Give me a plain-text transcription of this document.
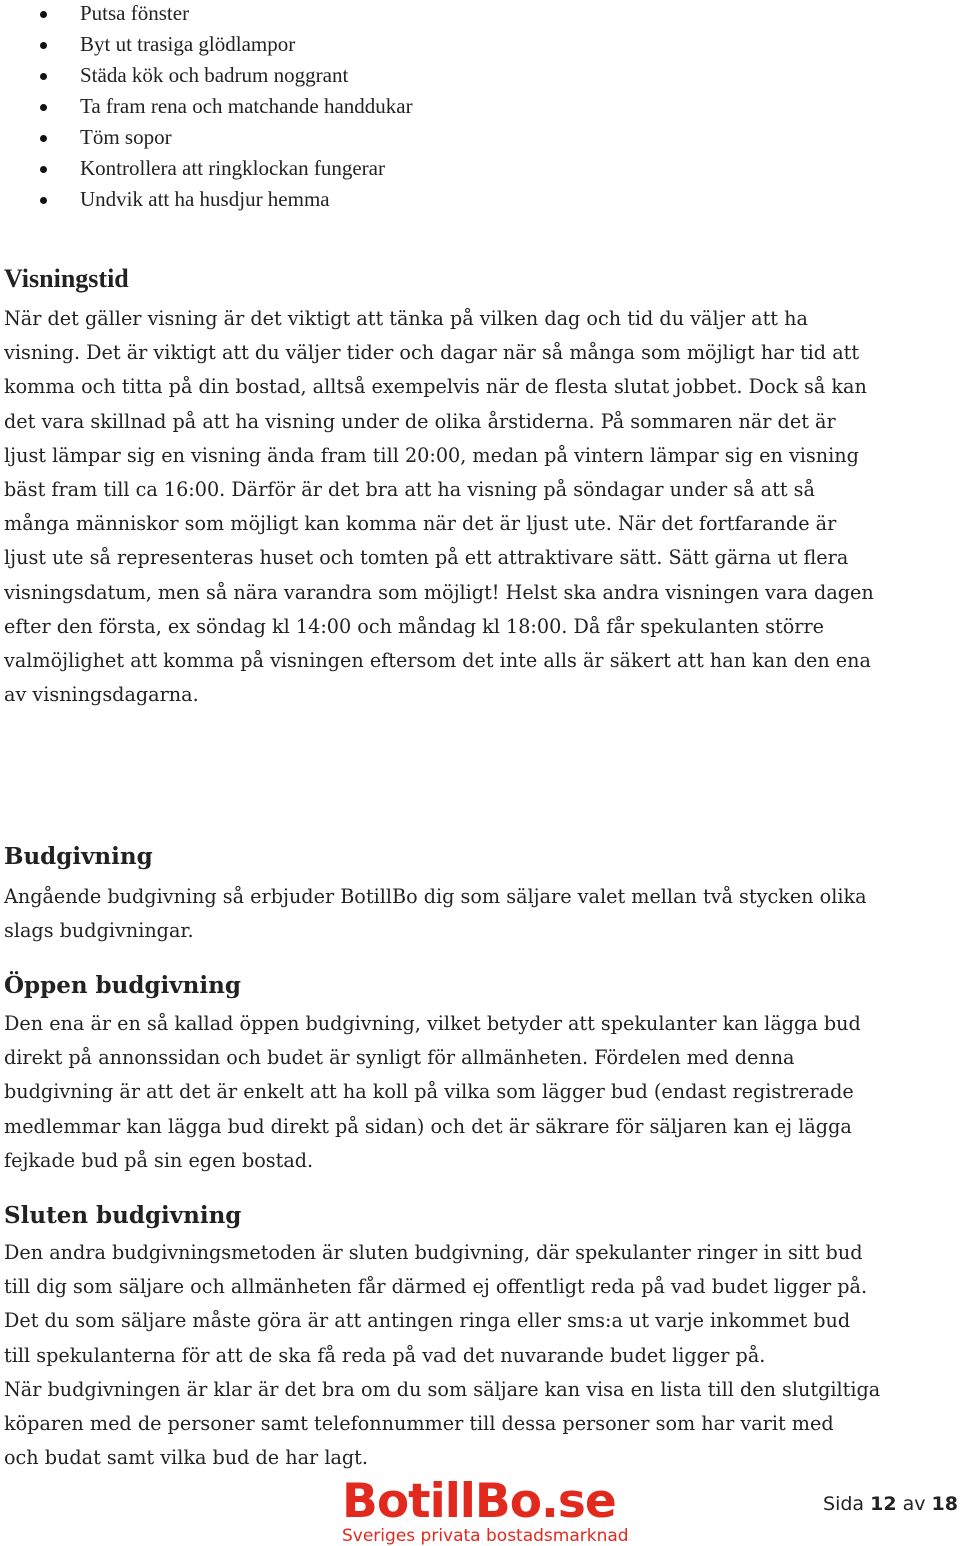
Putsa fönster
Byt ut trasiga glödlampor
Städa kök och badrum noggrant
Ta fram rena och matchande handdukar
Töm sopor
Kontrollera att ringklockan fungerar
Undvik att ha husdjur hemma
Visningstid

När det gäller visning är det viktigt att tänka på vilken dag och tid du väljer att ha
visning. Det är viktigt att du väljer tider och dagar när så många som möjligt har tid att
komma och titta på din bostad, alltså exempelvis när de flesta slutat jobbet. Dock så kan
det vara skillnad på att ha visning under de olika årstiderna. På sommaren när det är
ljust lämpar sig en visning ända fram till 20:00, medan på vintern lämpar sig en visning
bäst fram till ca 16:00. Därför är det bra att ha visning på söndagar under så att så
många människor som möjligt kan komma när det är ljust ute. När det fortfarande är
ljust ute så representeras huset och tomten på ett attraktivare sätt. Sätt gärna ut flera
visningsdatum, men så nära varandra som möjligt! Helst ska andra visningen vara dagen
efter den första, ex söndag kl 14:00 och måndag kl 18:00. Då får spekulanten större
valmöjlighet att komma på visningen eftersom det inte alls är säkert att han kan den ena
av visningsdagarna.

Budgivning

Angående budgivning så erbjuder BotillBo dig som säljare valet mellan två stycken olika
slags budgivningar.

Öppen budgivning

Den ena är en så kallad öppen budgivning, vilket betyder att spekulanter kan lägga bud
direkt på annonssidan och budet är synligt för allmänheten. Fördelen med denna
budgivning är att det är enkelt att ha koll på vilka som lägger bud (endast registrerade
medlemmar kan lägga bud direkt på sidan) och det är säkrare för säljaren kan ej lägga
fejkade bud på sin egen bostad.

Sluten budgivning

Den andra budgivningsmetoden är sluten budgivning, där spekulanter ringer in sitt bud
till dig som säljare och allmänheten får därmed ej offentligt reda på vad budet ligger på.
Det du som säljare måste göra är att antingen ringa eller sms:a ut varje inkommet bud
till spekulanterna för att de ska få reda på vad det nuvarande budet ligger på.
När budgivningen är klar är det bra om du som säljare kan visa en lista till den slutgiltiga
köparen med de personer samt telefonnummer till dessa personer som har varit med
och budat samt vilka bud de har lagt.

BotillBo.se
Sveriges privata bostadsmarknad
Sida 12 av 18
